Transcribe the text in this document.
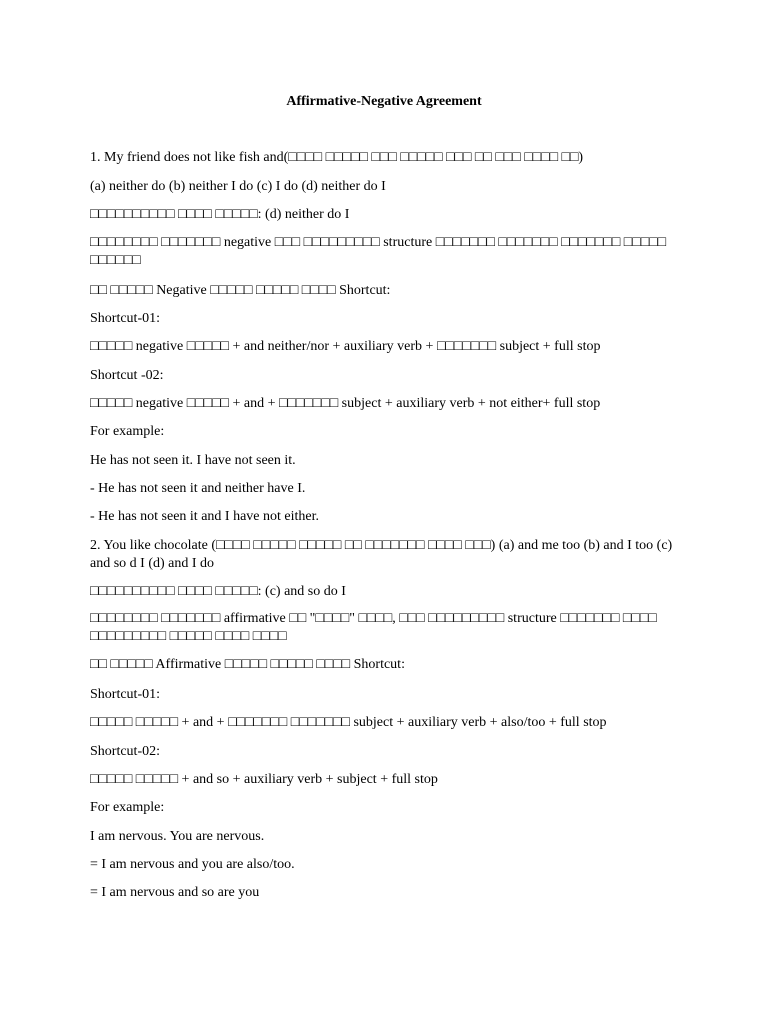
Affirmative-Negative Agreement
1. My friend does not like fish and(□□□□ □□□□□ □□□ □□□□□ □□□ □□ □□□ □□□□ □□)
(a) neither do (b) neither I do (c) I do (d) neither do I
□□□□□□□□□□ □□□□ □□□□□: (d) neither do I
□□□□□□□□ □□□□□□□ negative □□□ □□□□□□□□□ structure □□□□□□□ □□□□□□□ □□□□□□□ □□□□□ □□□□□□
□□ □□□□□ Negative □□□□□ □□□□□ □□□□ Shortcut:
Shortcut-01:
□□□□□ negative □□□□□ + and neither/nor + auxiliary verb + □□□□□□□ subject + full stop
Shortcut -02:
□□□□□ negative □□□□□ + and + □□□□□□□ subject + auxiliary verb + not either+ full stop
For example:
He has not seen it. I have not seen it.
- He has not seen it and neither have I.
- He has not seen it and I have not either.
2. You like chocolate (□□□□ □□□□□ □□□□□ □□ □□□□□□□ □□□□ □□□) (a) and me too (b) and I too (c) and so d I (d) and I do
□□□□□□□□□□ □□□□ □□□□□: (c) and so do I
□□□□□□□□ □□□□□□□ affirmative □□ "□□□□" □□□□, □□□ □□□□□□□□□ structure □□□□□□□ □□□□ □□□□□□□□□ □□□□□ □□□□ □□□□
□□ □□□□□ Affirmative □□□□□ □□□□□ □□□□ Shortcut:
Shortcut-01:
□□□□□ □□□□□ + and + □□□□□□□ □□□□□□□ subject + auxiliary verb + also/too + full stop
Shortcut-02:
□□□□□ □□□□□ + and so + auxiliary verb + subject + full stop
For example:
I am nervous. You are nervous.
= I am nervous and you are also/too.
= I am nervous and so are you
